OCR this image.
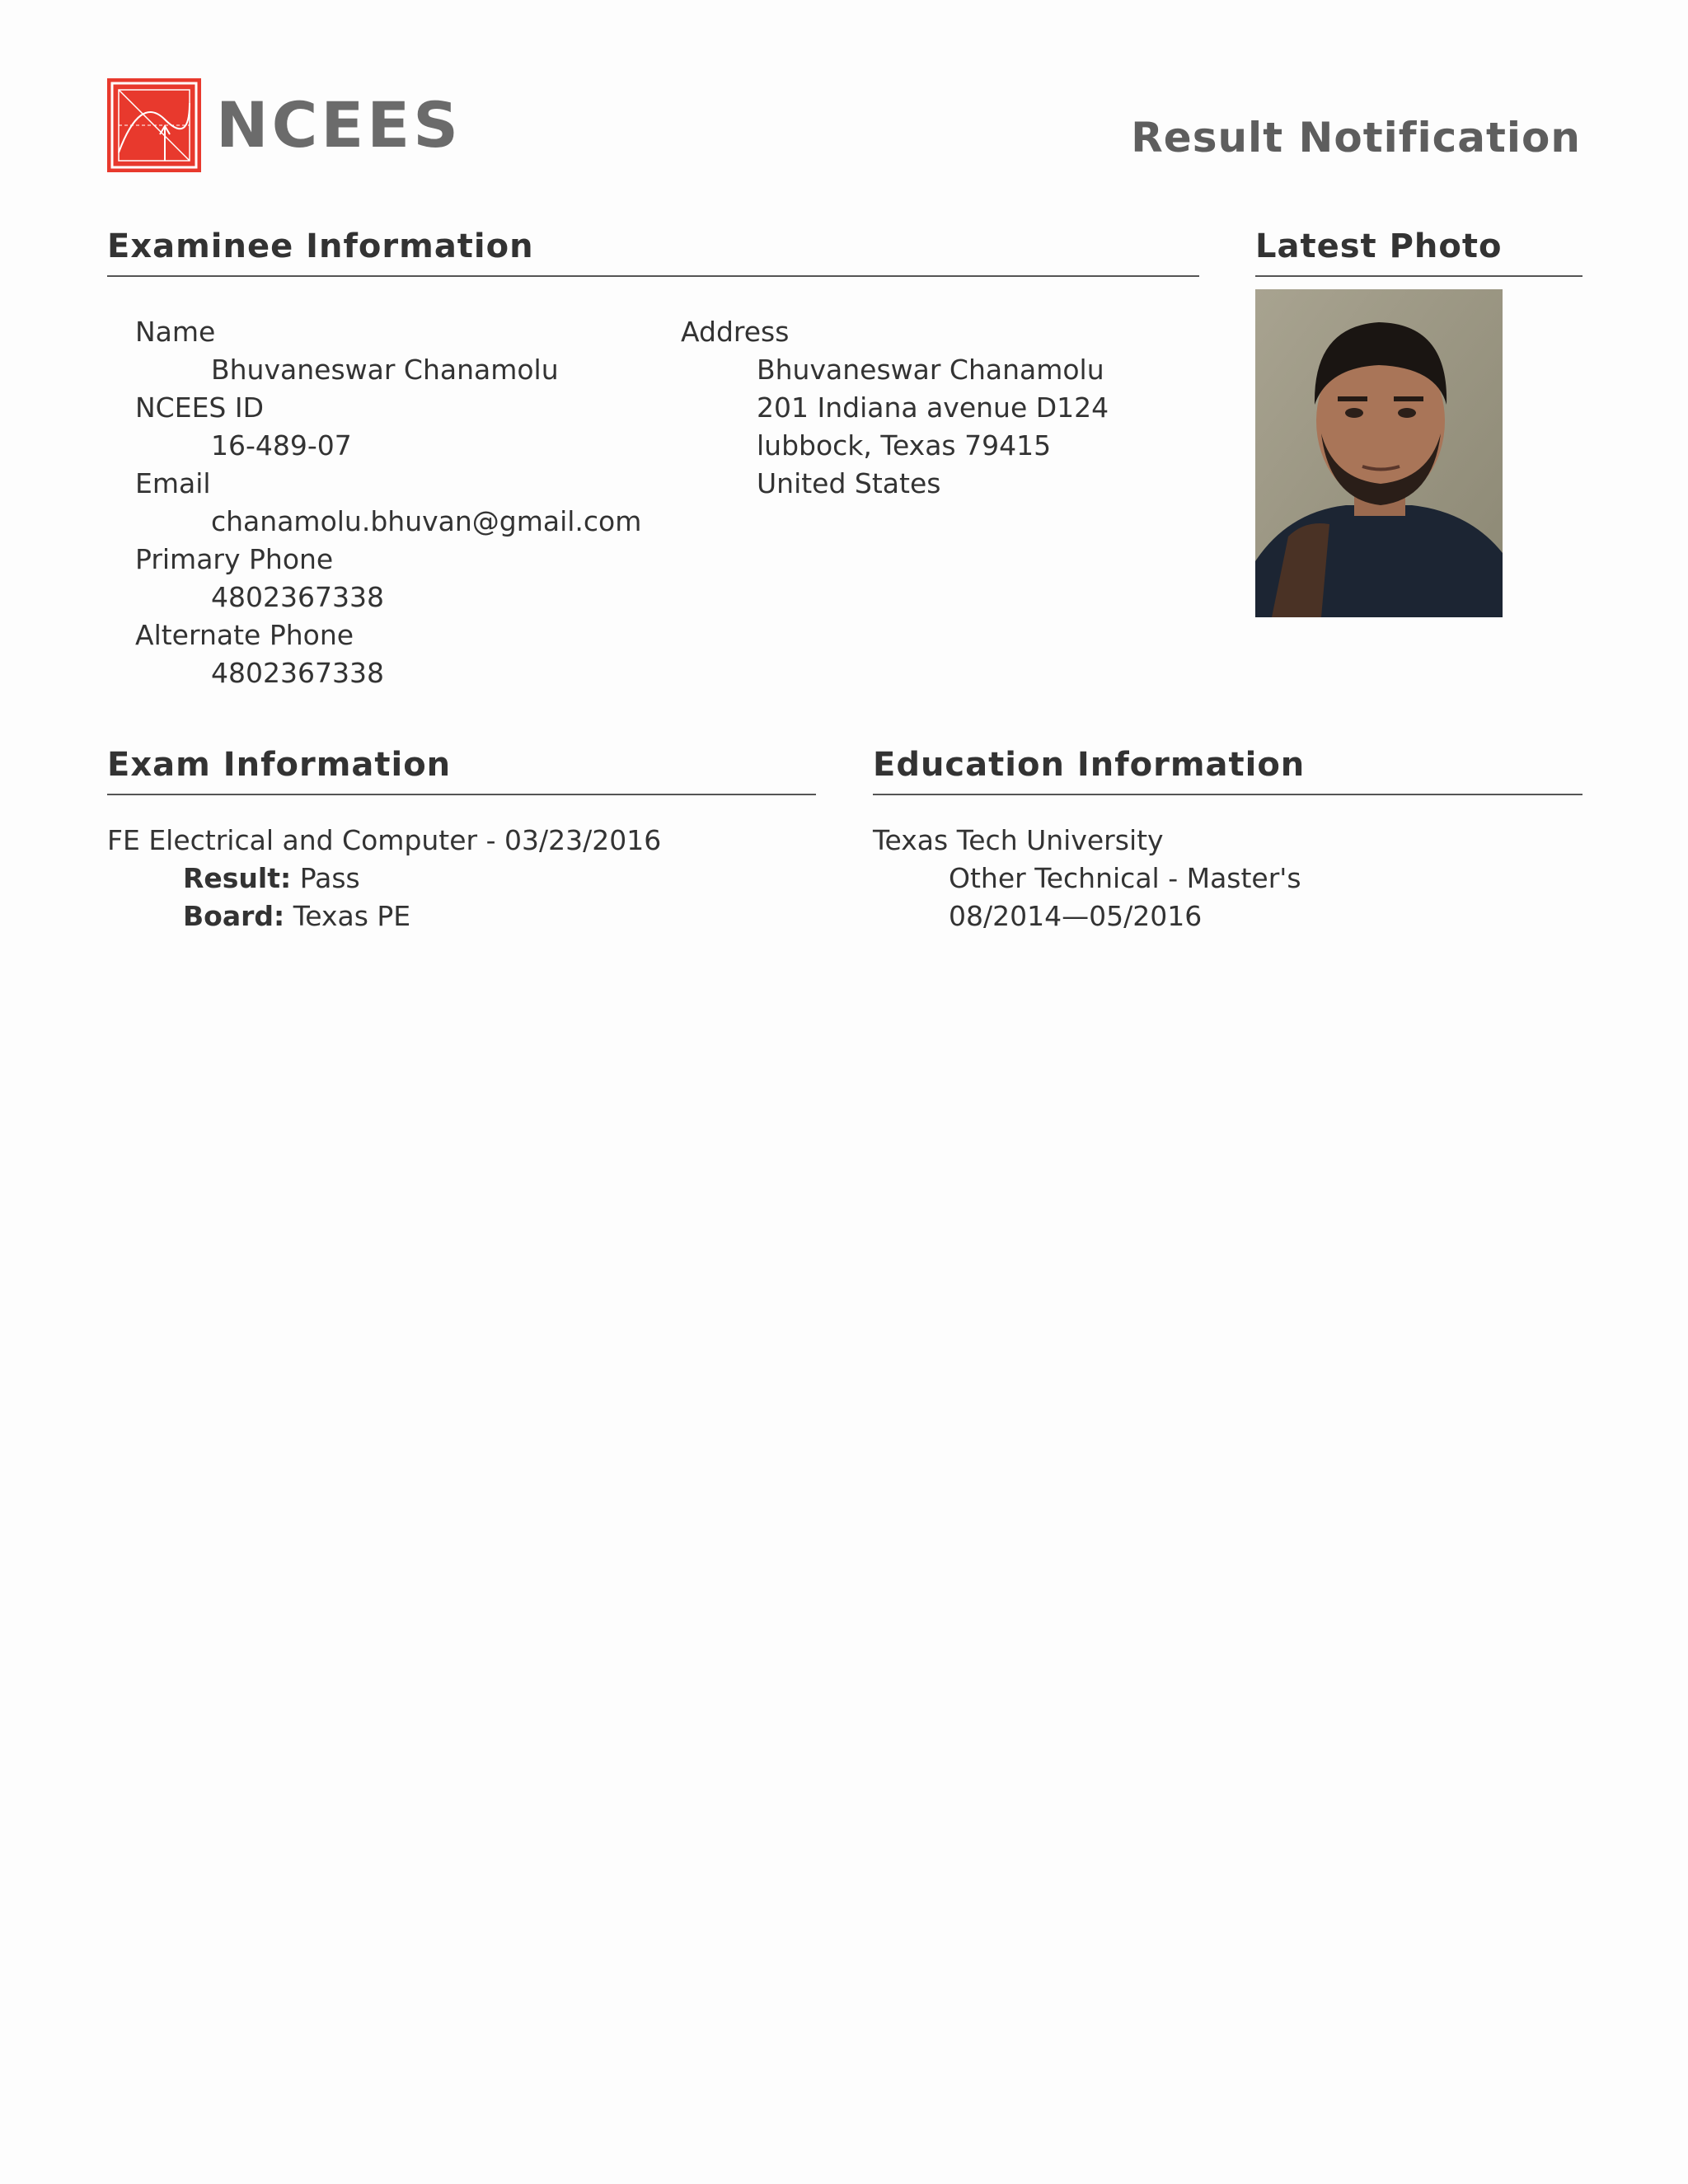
NCEES	Result Notification
Examinee Information
Name
Bhuvaneswar Chanamolu
NCEES ID
16-489-07
Email
chanamolu.bhuvan@gmail.com
Primary Phone
4802367338
Alternate Phone
4802367338
Address
Bhuvaneswar Chanamolu
201 Indiana avenue D124
lubbock, Texas 79415
United States
Latest Photo
Exam Information
FE Electrical and Computer - 03/23/2016
Result: Pass
Board: Texas PE
Education Information
Texas Tech University
Other Technical - Master's
08/2014—05/2016
